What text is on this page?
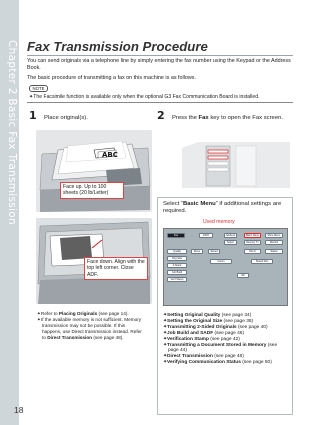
Chapter 2 Basic Fax Transmission Fax Transmission Procedure
You can send originals via a telephone line by simply entering the fax number using the Keypad or the Address Book.
The basic procedure of transmitting a fax on this machine is as follows.
NOTE
✦The Facsimile function is available only when the optional G3 Fax Communication Board is installed.
1 Place original(s).
ABC
Face up. Up to 100 sheets (20 lb/Letter)
Face down. Align with the top left corner. Close ADF.
✦Refer to Placing Originals (see page 14).
✦If the available memory is not sufficient. Memory transmission may not be possible. If this happens, use Direct transmission instead. Refer to Direct Transmission (see page 48).
2 Press the Fax key to open the Fax screen.
Select “Basic Menu” if additional settings are required.
Used memory
Fax	100%	Address	Basic Menu	More Menu
Select	Memory Tx	Monitor
Quality
Orig Size
2-Sided
Job Build
Verif Stamp
Menu	Stored	Direct	Status
Comm	Stored Doc
OK
✦Setting Original Quality (see page 34)
✦Setting the Original Size (see page 38)
✦Transmitting 2-Sided Originals (see page 40)
✦Job Build and SADF (see page 46)
✦Verification Stamp (see page 42)
✦Transmitting a Document Stored in Memory (see page 44)
✦Direct Transmission (see page 48)
✦Verifying Communication Status (see page 50)
18
